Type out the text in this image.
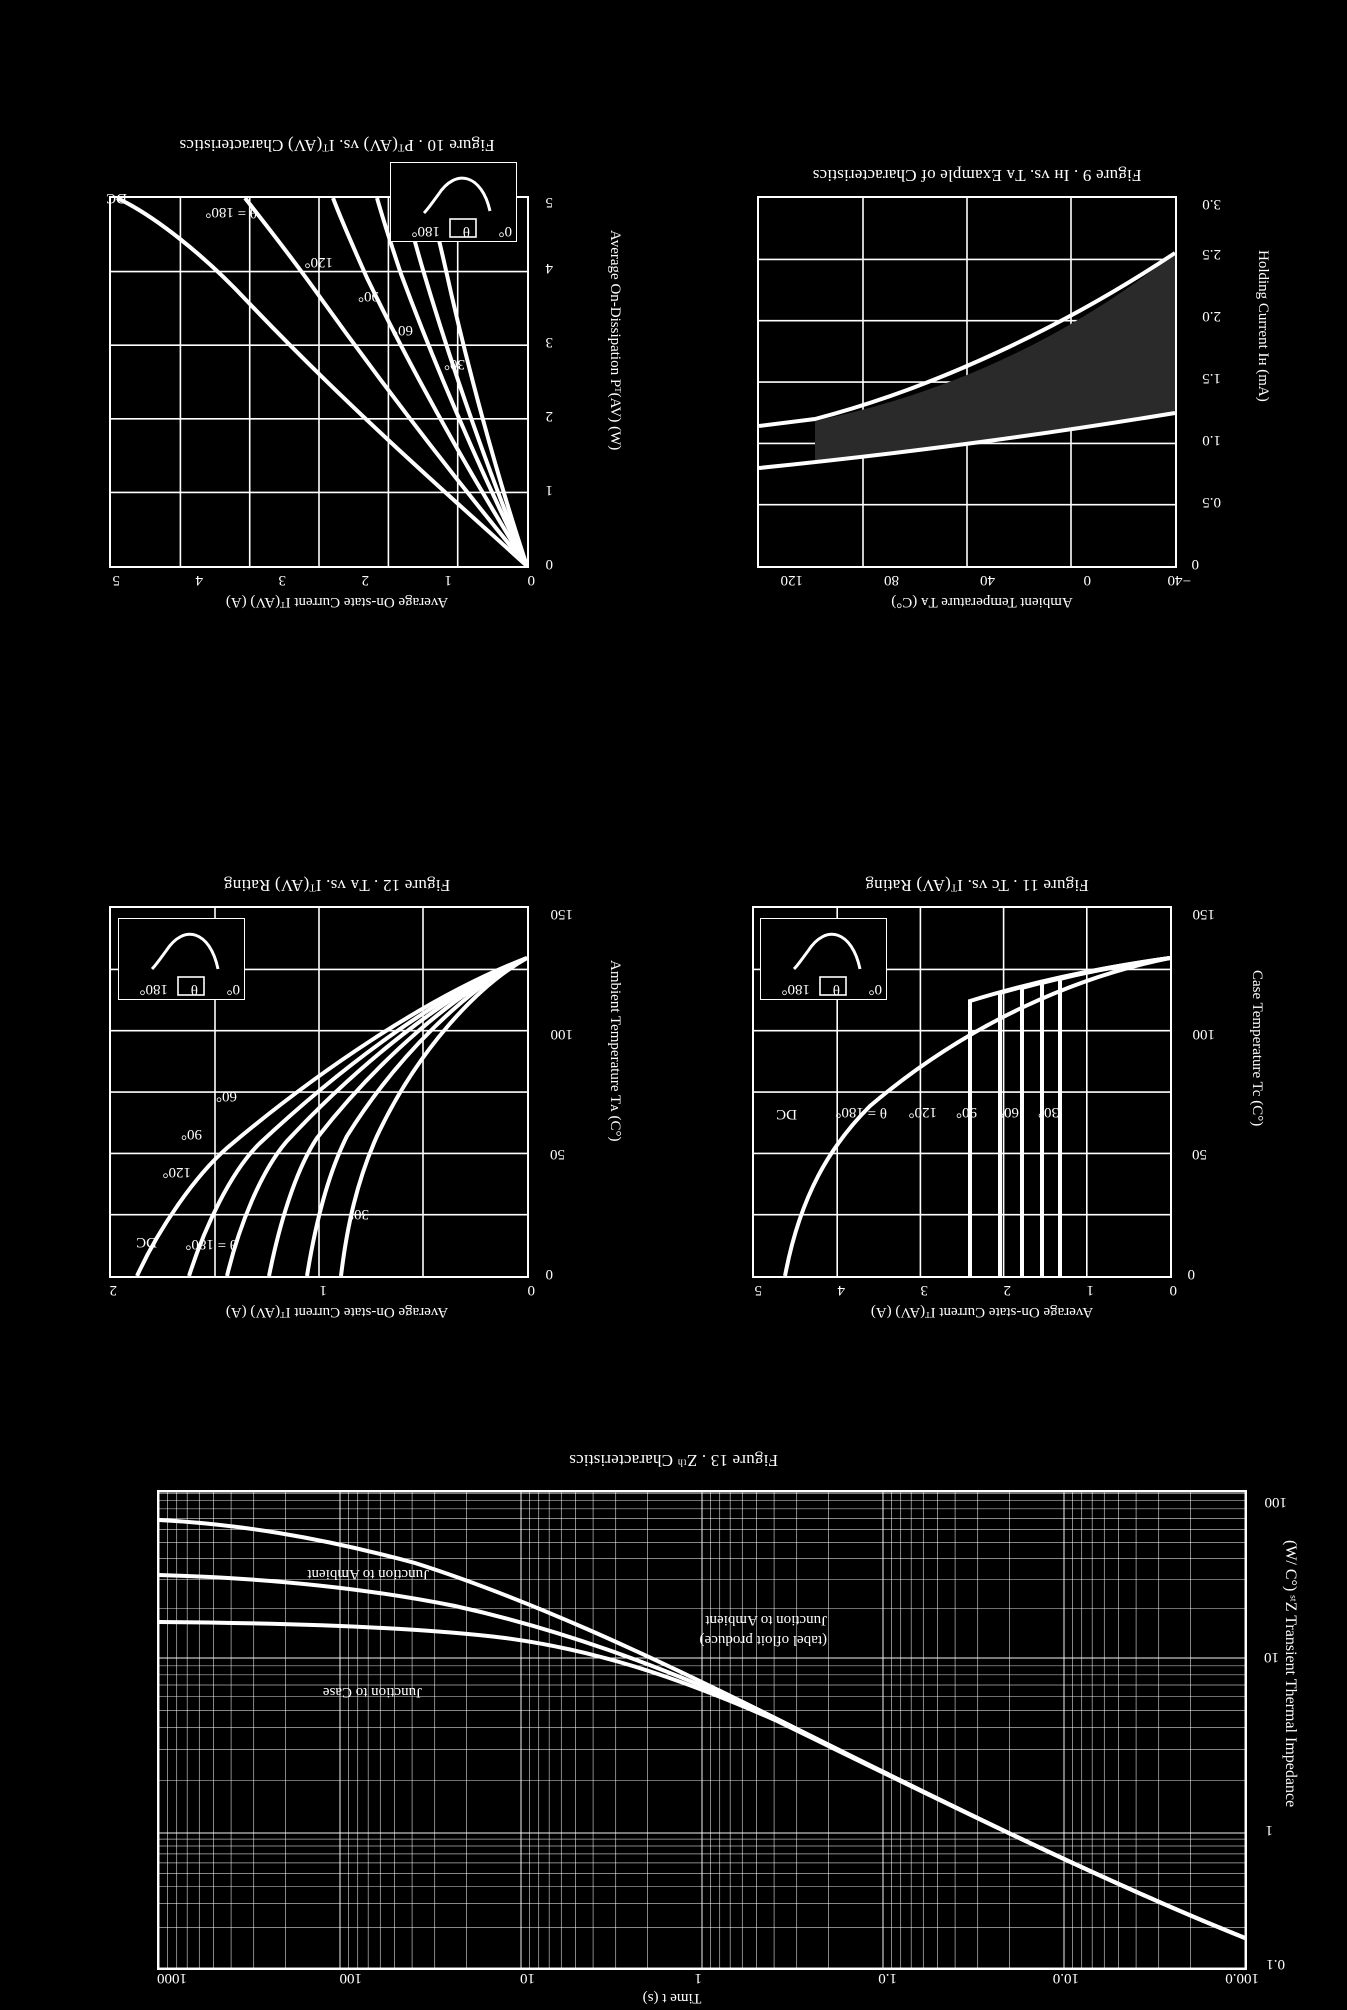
Time t (s)
(W/ C°) ˢᵗZ Transient Thermal Impedance
100.0
10.0
1.0
1
10
100
1000
0.1
1
10
100
Junction to Case
Junction to Ambient
(tabel ofloit produce)
Junction to Ambient
Figure 13 . Zᵗʰ Characteristics
Average On-state Current Iᵀ(AV) (A)
Case Temperature Tc (C°)
0
1
2
3
4
5
0
50
100
150
30°
60°
90°
120°
θ = 180°
DC
0°
θ
180°
Figure 11 . Tc vs. Iᵀ(AV) Rating
Average On-state Current Iᵀ(AV) (A)
Ambient Temperature Tᴀ (C°)
0
1
2
0
50
100
150
30°
60°
90°
120°
θ = 180°
DC
0°
θ
180°
Figure 12 . Tᴀ vs. Iᵀ(AV) Rating
Ambient Temperature Tᴀ (C°)
Holding Current Iʜ (mA)
−40
0
40
80
120
0
0.5
1.0
1.5
2.0
2.5
3.0
Figure 9 . Iʜ vs. Tᴀ Example of Characteristics
Average On-state Current Iᵀ(AV) (A)
Average On-Dissipation Pᵀ(AV) (W)
0
1
2
3
4
5
0
1
2
3
4
5
30°
60°
90°
120°
θ = 180°
DC
0°
θ
180°
Figure 10 . Pᵀ(AV) vs. Iᵀ(AV) Characteristics
